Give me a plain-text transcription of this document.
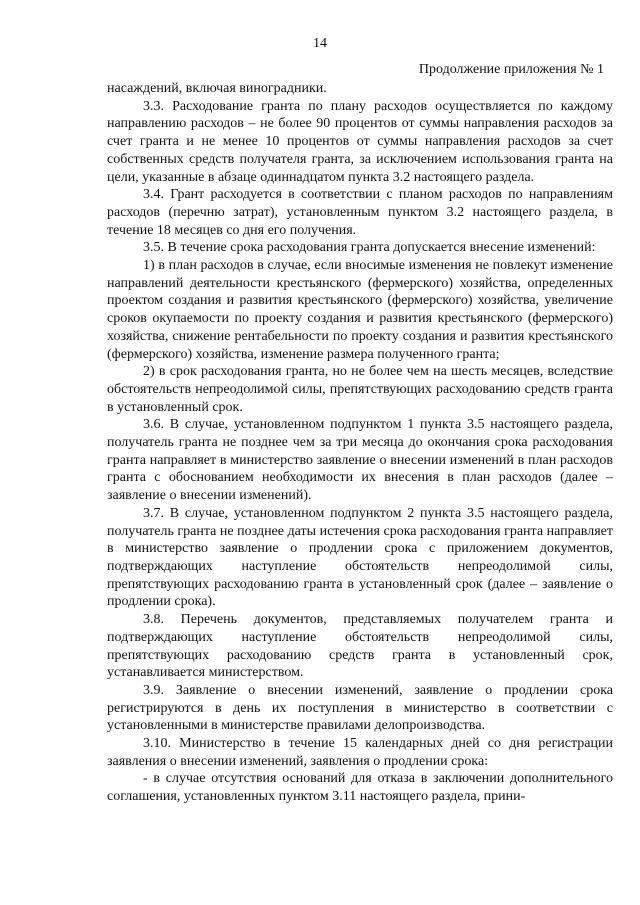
14
Продолжение приложения № 1

насаждений, включая виноградники.

3.3. Расходование гранта по плану расходов осуществляется по каждому направлению расходов – не более 90 процентов от суммы направления расходов за счет гранта и не менее 10 процентов от суммы направления расходов за счет собственных средств получателя гранта, за исключением использования гранта на цели, указанные в абзаце одиннадцатом пункта 3.2 настоящего раздела.

3.4. Грант расходуется в соответствии с планом расходов по направлениям расходов (перечню затрат), установленным пунктом 3.2 настоящего раздела, в течение 18 месяцев со дня его получения.

3.5. В течение срока расходования гранта допускается внесение изменений:

1) в план расходов в случае, если вносимые изменения не повлекут изменение направлений деятельности крестьянского (фермерского) хозяйства, определенных проектом создания и развития крестьянского (фермерского) хозяйства, увеличение сроков окупаемости по проекту создания и развития крестьянского (фермерского) хозяйства, снижение рентабельности по проекту создания и развития крестьянского (фермерского) хозяйства, изменение размера полученного гранта;

2) в срок расходования гранта, но не более чем на шесть месяцев, вследствие обстоятельств непреодолимой силы, препятствующих расходованию средств гранта в установленный срок.

3.6. В случае, установленном подпунктом 1 пункта 3.5 настоящего раздела, получатель гранта не позднее чем за три месяца до окончания срока расходования гранта направляет в министерство заявление о внесении изменений в план расходов гранта с обоснованием необходимости их внесения в план расходов (далее – заявление о внесении изменений).

3.7. В случае, установленном подпунктом 2 пункта 3.5 настоящего раздела, получатель гранта не позднее даты истечения срока расходования гранта направляет в министерство заявление о продлении срока с приложением документов, подтверждающих наступление обстоятельств непреодолимой силы, препятствующих расходованию гранта в установленный срок (далее – заявление о продлении срока).

3.8. Перечень документов, представляемых получателем гранта и подтверждающих наступление обстоятельств непреодолимой силы, препятствующих расходованию средств гранта в установленный срок, устанавливается министерством.

3.9. Заявление о внесении изменений, заявление о продлении срока регистрируются в день их поступления в министерство в соответствии с установленными в министерстве правилами делопроизводства.

3.10. Министерство в течение 15 календарных дней со дня регистрации заявления о внесении изменений, заявления о продлении срока:

- в случае отсутствия оснований для отказа в заключении дополнительного соглашения, установленных пунктом 3.11 настоящего раздела, прини-
